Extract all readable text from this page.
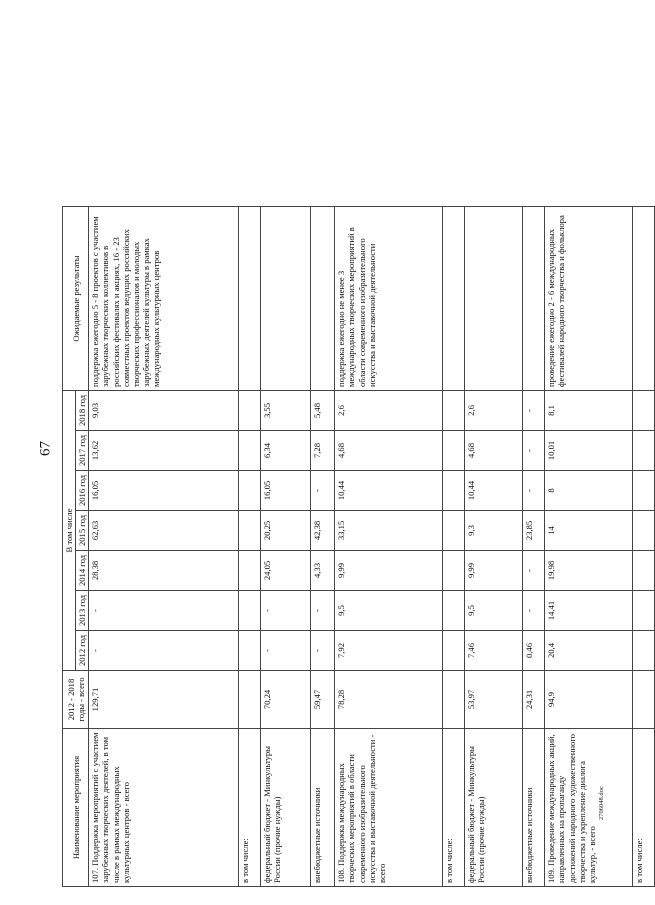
67
Наименование мероприятия	2012 - 2018 годы - всего	В том числе							Ожидаемые результаты
		2012 год	2013 год	2014 год	2015 год	2016 год	2017 год	2018 год	
107. Поддержка мероприятий с участием зарубежных творческих деятелей, в том числе в рамках международных культурных центров - всего	129,71	-	-	28,38	62,63	16,05	13,62	9,03	поддержка ежегодно 5 - 8 проектов с участием зарубежных творческих коллективов в российских фестивалях и акциях, 16 - 23 совместных проектов ведущих российских творческих профессионалов и молодых зарубежных деятелей культуры в рамках международных культурных центров
в том числе:									
федеральный бюджет - Минкультуры России (прочие нужды)	70,24	-	-	24,05	20,25	16,05	6,34	3,55	
внебюджетные источники	59,47	-	-	4,33	42,38	-	7,28	5,48	
108. Поддержка международных творческих мероприятий в области современного изобразительного искусства и выставочной деятельности - всего	78,28	7,92	9,5	9,99	33,15	10,44	4,68	2,6	поддержка ежегодно не менее 3 международных творческих мероприятий в области современного изобразительного искусства и выставочной деятельности
в том числе:									
федеральный бюджет - Минкультуры России (прочие нужды)	53,97	7,46	9,5	9,99	9,3	10,44	4,68	2,6	
внебюджетные источники	24,31	0,46	-	-	23,85	-	-	-	
109. Проведение международных акций, направленных на пропаганду достижений народного художественного творчества и укрепление диалога культур, - всего	94,9	20,4	14,41	19,98	14	8	10,01	8,1	проведение ежегодно 2 - 6 международных фестивалей народного творчества и фольклора
в том числе:									
2706048.doc
